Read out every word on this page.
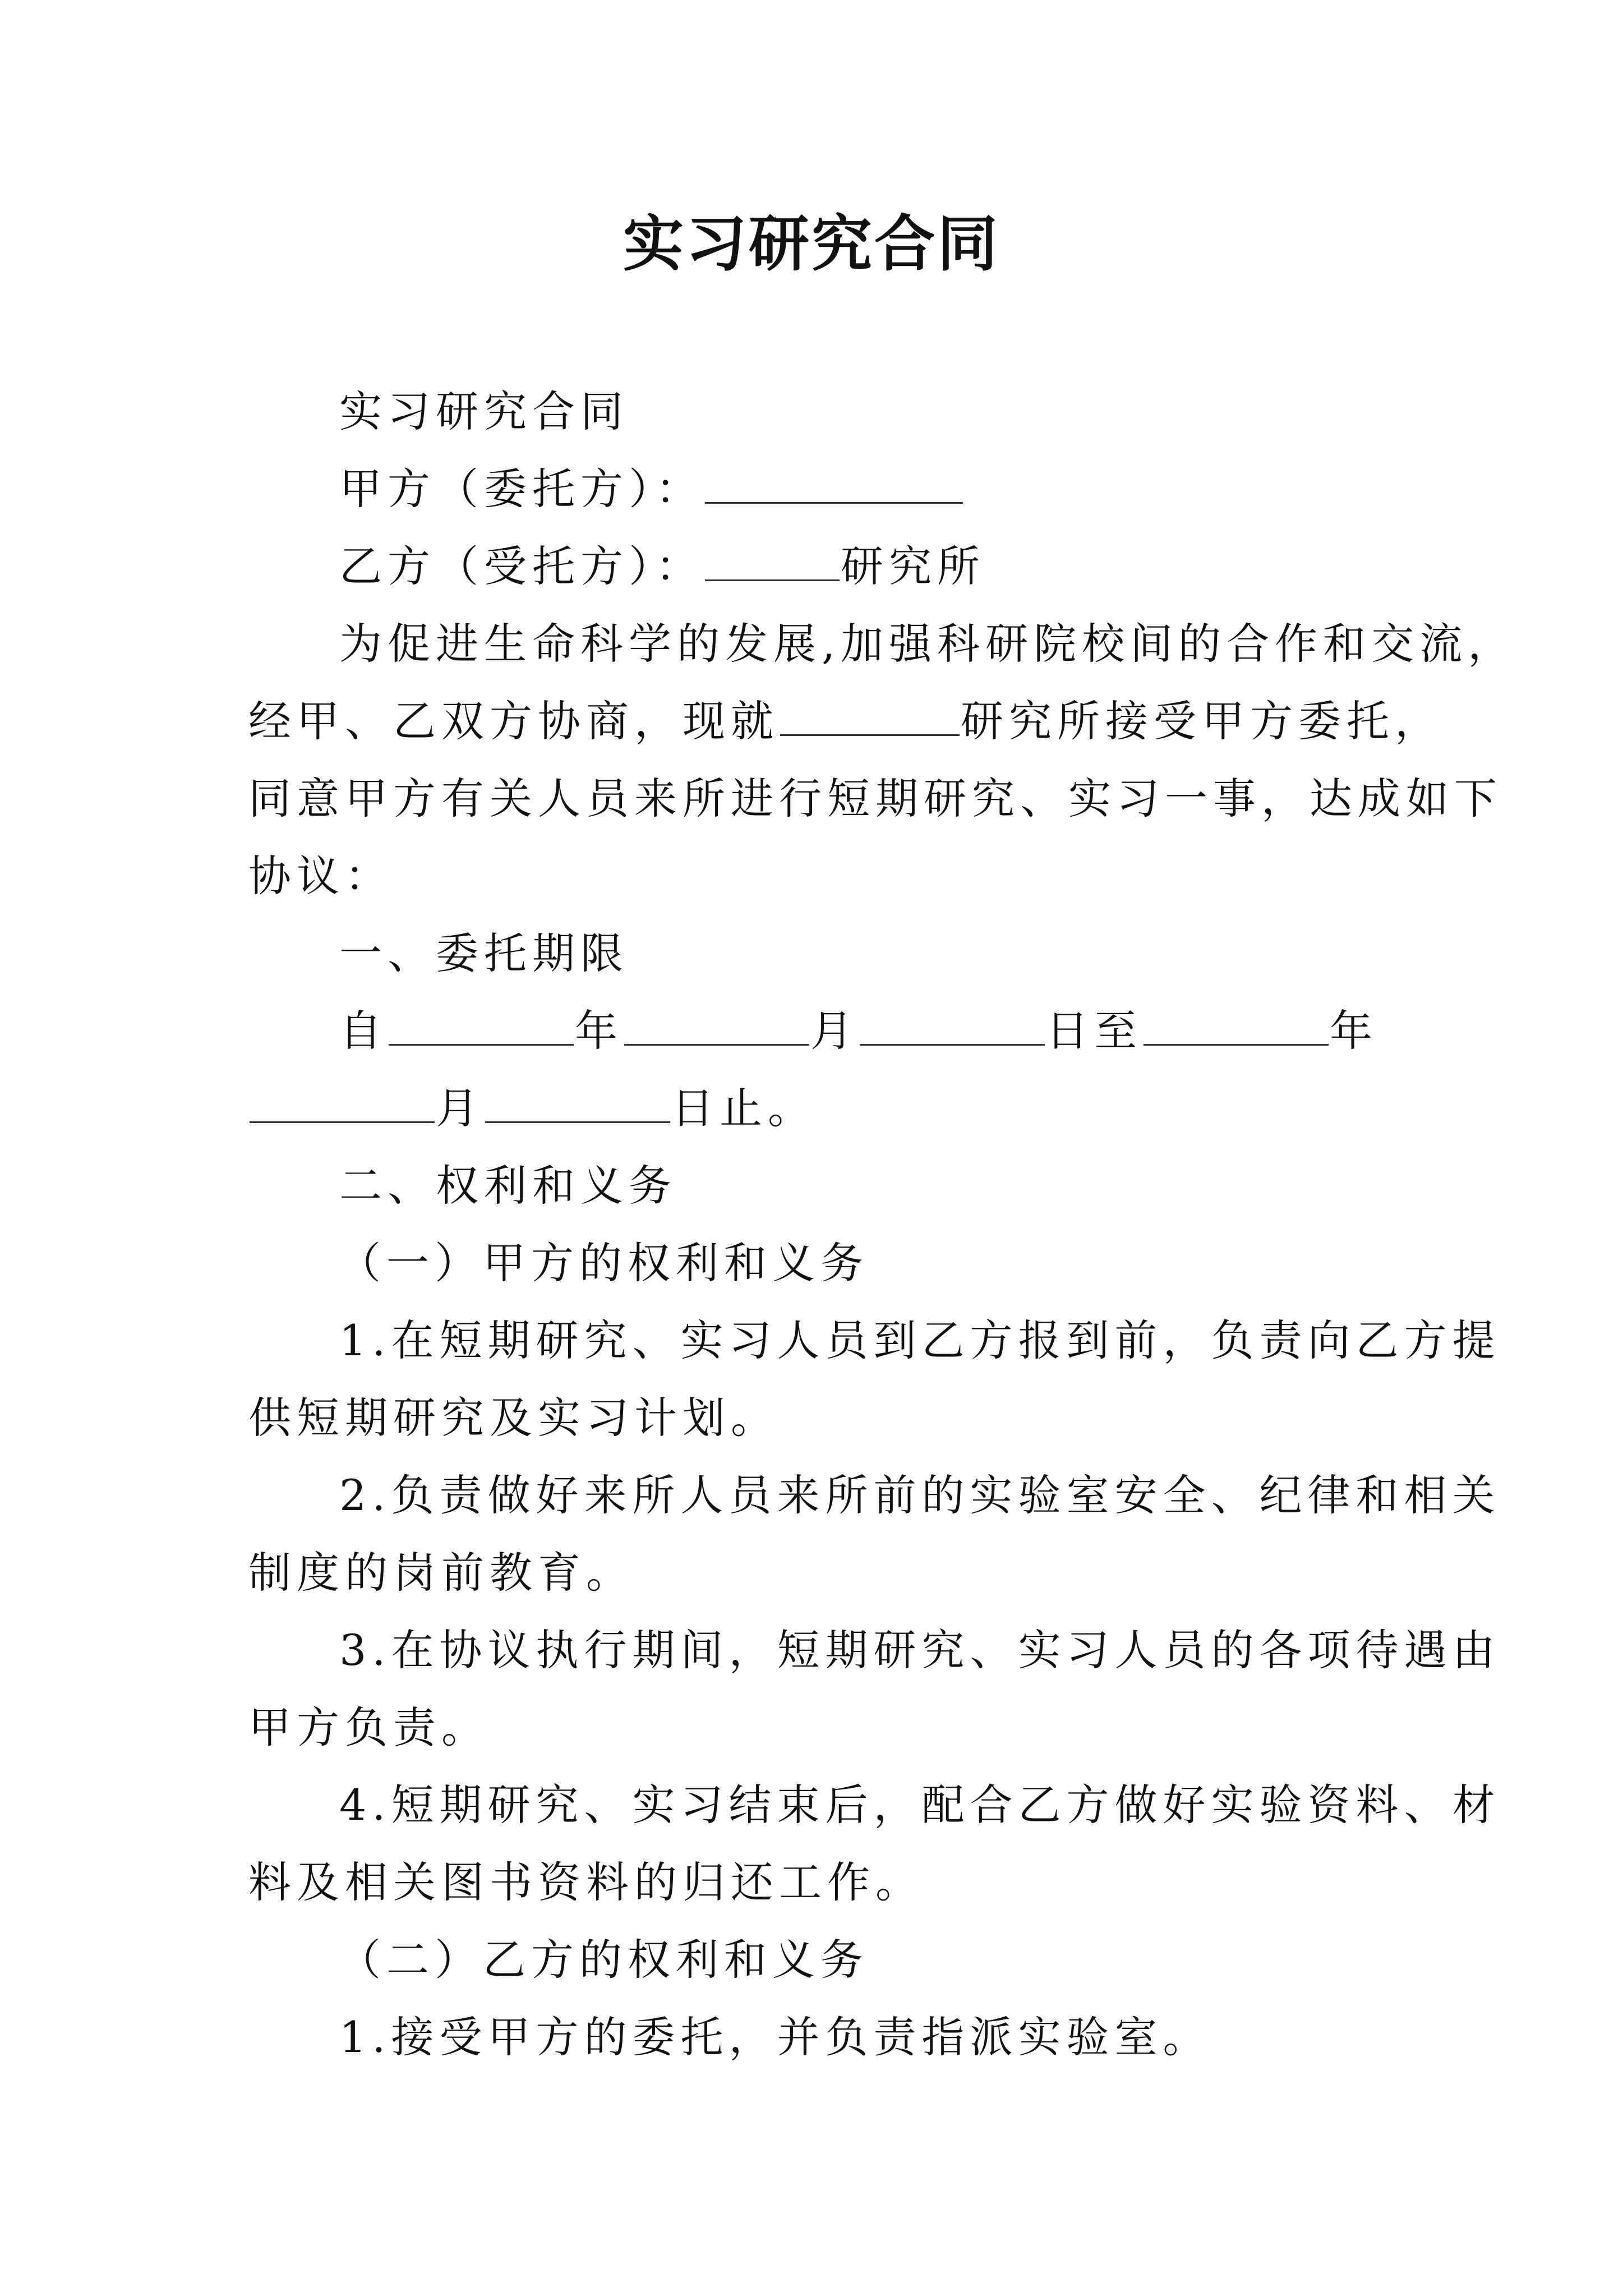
实习研究合同

实习研究合同

甲方（委托方）：

乙方（受托方）：	研究所

为促进生命科学的发展,加强科研院校间的合作和交流，

经甲、乙双方协商，现就	研究所接受甲方委托，

同意甲方有关人员来所进行短期研究、实习一事，达成如下

协议：

一、委托期限

自	年	月	日至	年

月	日止。

二、权利和义务

（一）甲方的权利和义务

1.在短期研究、实习人员到乙方报到前，负责向乙方提

供短期研究及实习计划。

2.负责做好来所人员来所前的实验室安全、纪律和相关

制度的岗前教育。

3.在协议执行期间，短期研究、实习人员的各项待遇由

甲方负责。

4.短期研究、实习结束后，配合乙方做好实验资料、材

料及相关图书资料的归还工作。

（二）乙方的权利和义务

1.接受甲方的委托，并负责指派实验室。
